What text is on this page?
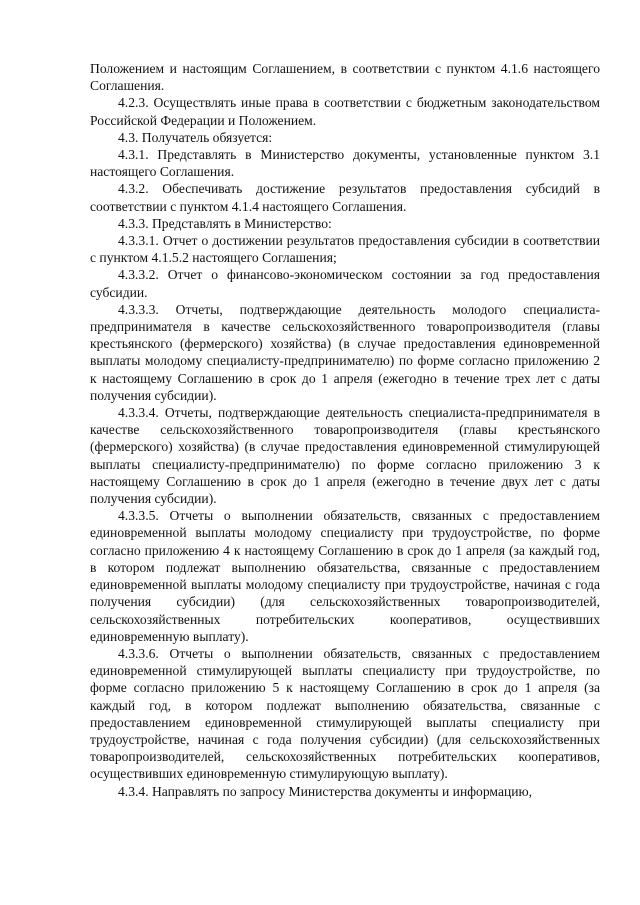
Положением и настоящим Соглашением, в соответствии с пунктом 4.1.6 настоящего Соглашения.

4.2.3. Осуществлять иные права в соответствии с бюджетным законодательством Российской Федерации и Положением.

4.3. Получатель обязуется:

4.3.1. Представлять в Министерство документы, установленные пунктом 3.1 настоящего Соглашения.

4.3.2. Обеспечивать достижение результатов предоставления субсидий в соответствии с пунктом 4.1.4 настоящего Соглашения.

4.3.3. Представлять в Министерство:

4.3.3.1. Отчет о достижении результатов предоставления субсидии в соответствии с пунктом 4.1.5.2 настоящего Соглашения;

4.3.3.2. Отчет о финансово-экономическом состоянии за год предоставления субсидии.

4.3.3.3. Отчеты, подтверждающие деятельность молодого специалиста-предпринимателя в качестве сельскохозяйственного товаропроизводителя (главы крестьянского (фермерского) хозяйства) (в случае предоставления единовременной выплаты молодому специалисту-предпринимателю) по форме согласно приложению 2 к настоящему Соглашению в срок до 1 апреля (ежегодно в течение трех лет с даты получения субсидии).

4.3.3.4. Отчеты, подтверждающие деятельность специалиста-предпринимателя в качестве сельскохозяйственного товаропроизводителя (главы крестьянского (фермерского) хозяйства) (в случае предоставления единовременной стимулирующей выплаты специалисту-предпринимателю) по форме согласно приложению 3 к настоящему Соглашению в срок до 1 апреля (ежегодно в течение двух лет с даты получения субсидии).

4.3.3.5. Отчеты о выполнении обязательств, связанных с предоставлением единовременной выплаты молодому специалисту при трудоустройстве, по форме согласно приложению 4 к настоящему Соглашению в срок до 1 апреля (за каждый год, в котором подлежат выполнению обязательства, связанные с предоставлением единовременной выплаты молодому специалисту при трудоустройстве, начиная с года получения субсидии) (для сельскохозяйственных товаропроизводителей, сельскохозяйственных потребительских кооперативов, осуществивших единовременную выплату).

4.3.3.6. Отчеты о выполнении обязательств, связанных с предоставлением единовременной стимулирующей выплаты специалисту при трудоустройстве, по форме согласно приложению 5 к настоящему Соглашению в срок до 1 апреля (за каждый год, в котором подлежат выполнению обязательства, связанные с предоставлением единовременной стимулирующей выплаты специалисту при трудоустройстве, начиная с года получения субсидии) (для сельскохозяйственных товаропроизводителей, сельскохозяйственных потребительских кооперативов, осуществивших единовременную стимулирующую выплату).

4.3.4. Направлять по запросу Министерства документы и информацию,
